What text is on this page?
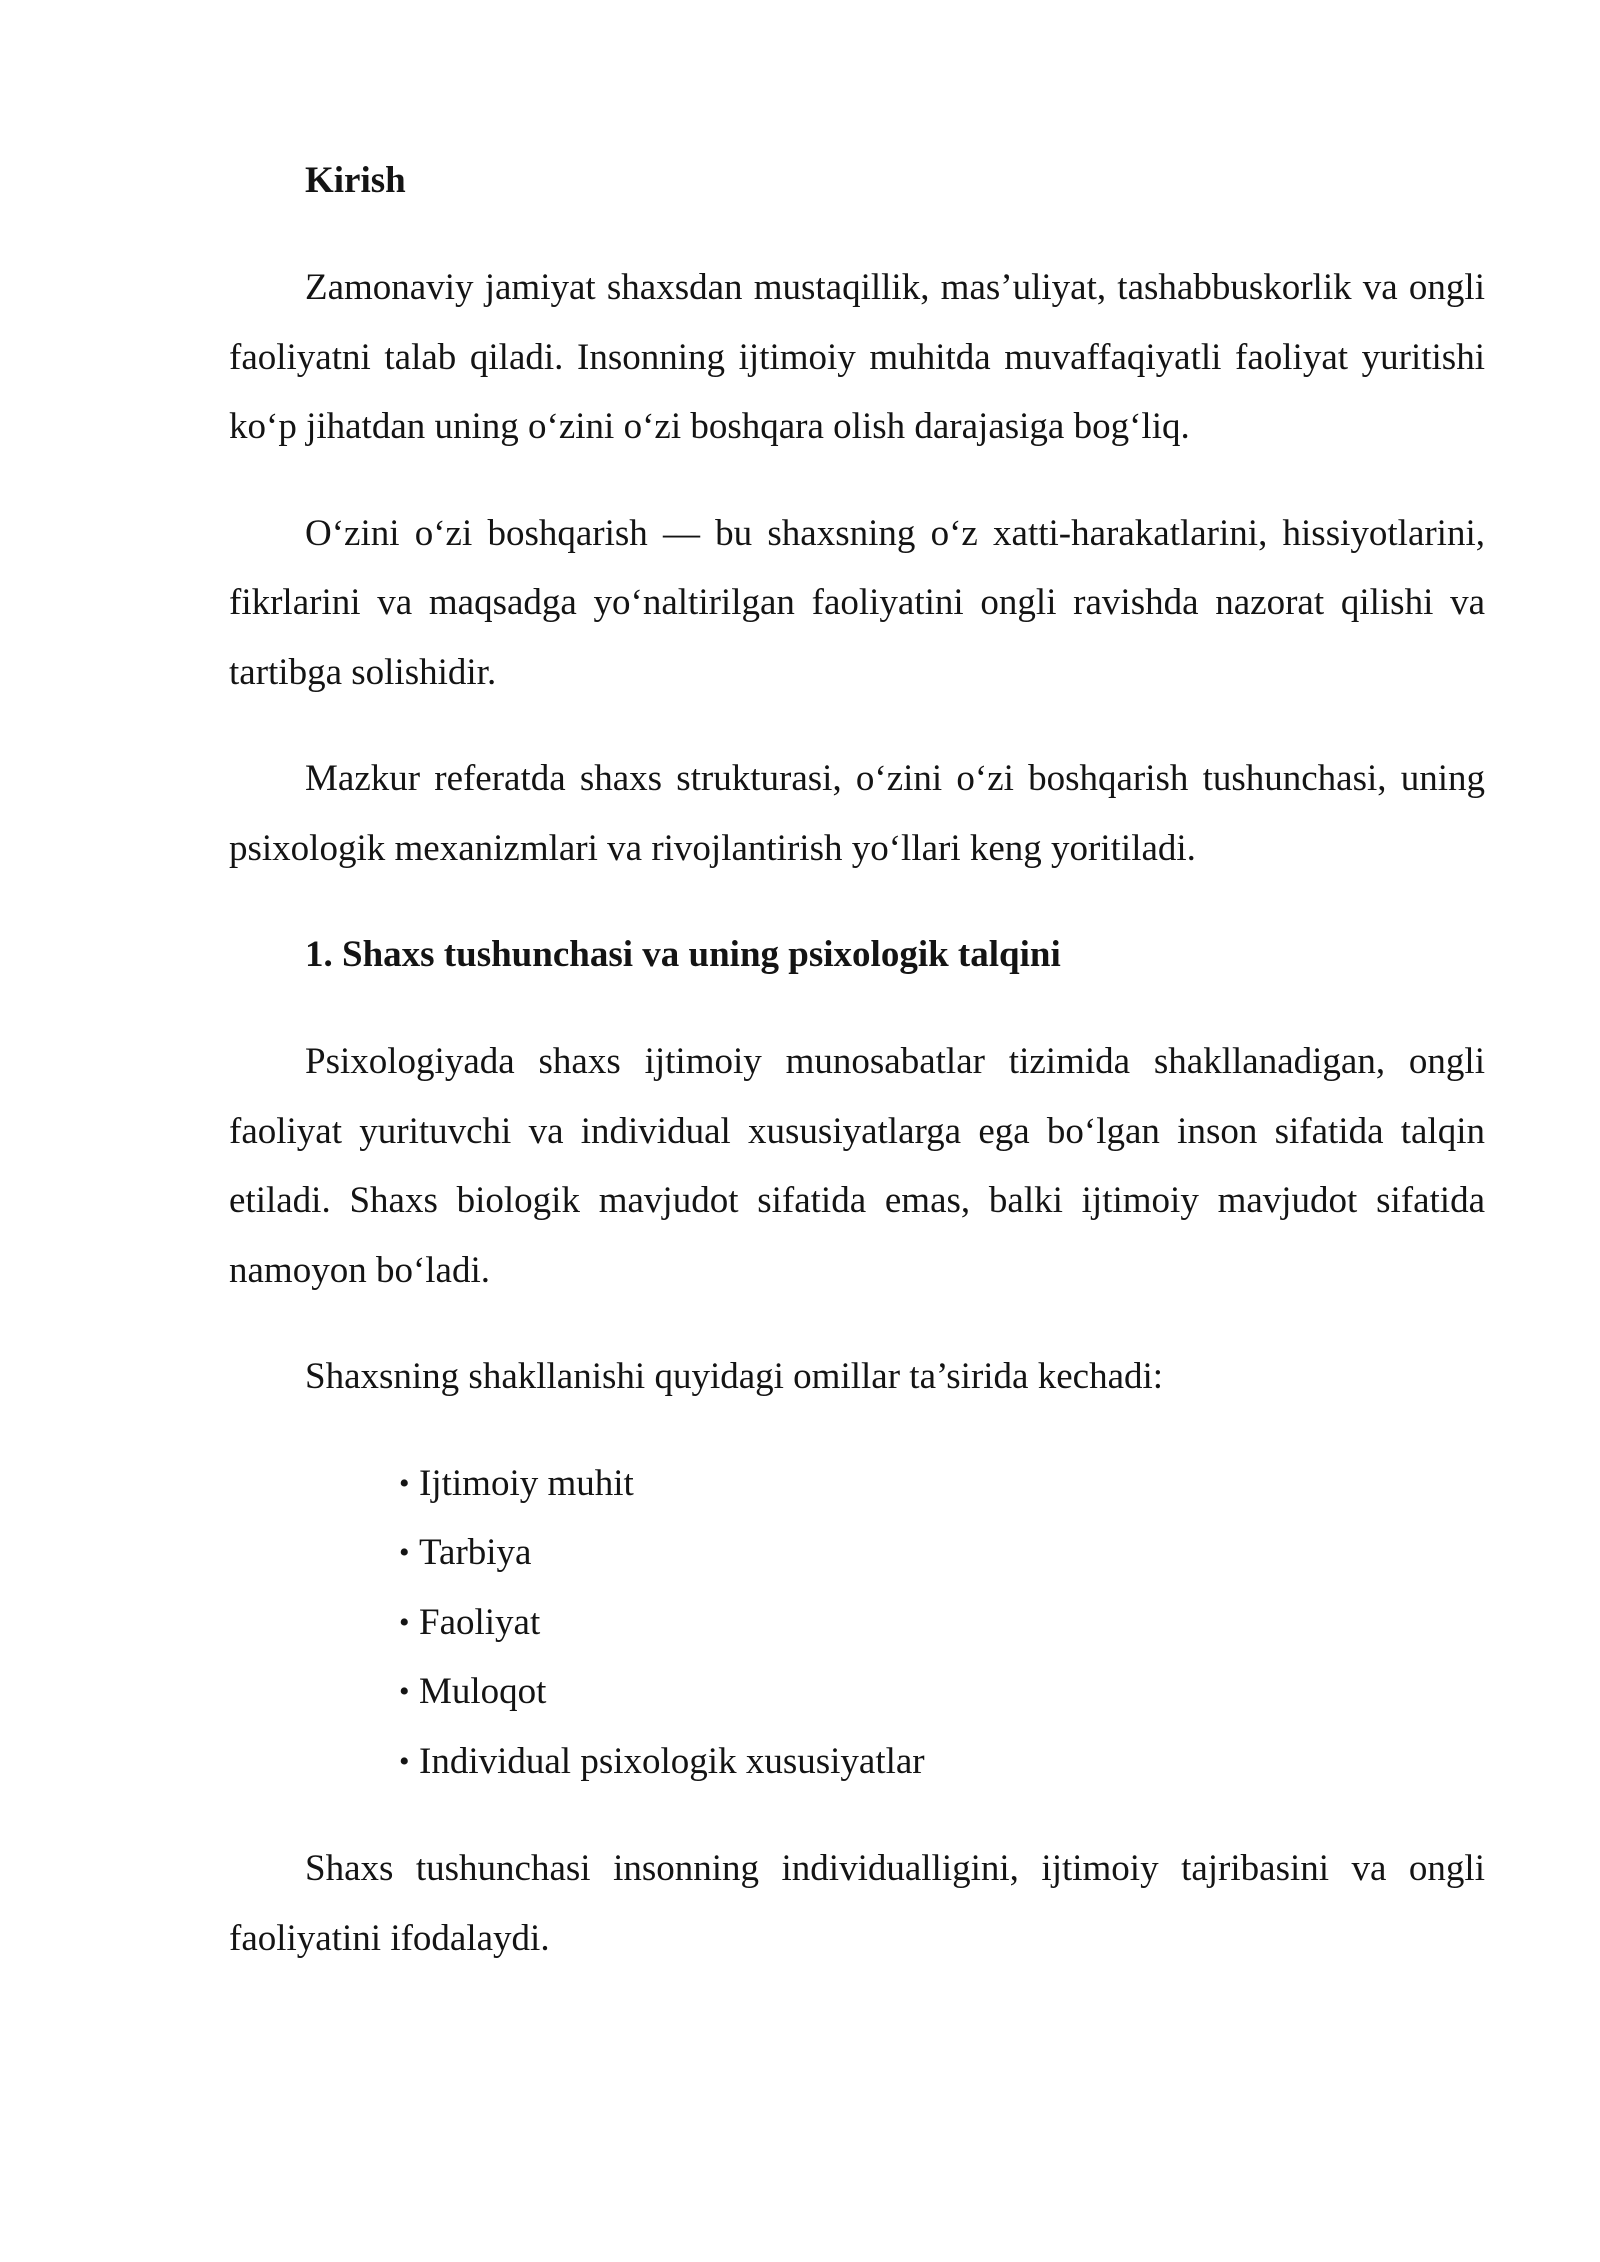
Kirish

Zamonaviy jamiyat shaxsdan mustaqillik, mas’uliyat, tashabbuskorlik va ongli faoliyatni talab qiladi. Insonning ijtimoiy muhitda muvaffaqiyatli faoliyat yuritishi ko‘p jihatdan uning o‘zini o‘zi boshqara olish darajasiga bog‘liq.

O‘zini o‘zi boshqarish — bu shaxsning o‘z xatti-harakatlarini, hissiyotlarini, fikrlarini va maqsadga yo‘naltirilgan faoliyatini ongli ravishda nazorat qilishi va tartibga solishidir.

Mazkur referatda shaxs strukturasi, o‘zini o‘zi boshqarish tushunchasi, uning psixologik mexanizmlari va rivojlantirish yo‘llari keng yoritiladi.

1. Shaxs tushunchasi va uning psixologik talqini

Psixologiyada shaxs ijtimoiy munosabatlar tizimida shakllanadigan, ongli faoliyat yurituvchi va individual xususiyatlarga ega bo‘lgan inson sifatida talqin etiladi. Shaxs biologik mavjudot sifatida emas, balki ijtimoiy mavjudot sifatida namoyon bo‘ladi.

Shaxsning shakllanishi quyidagi omillar ta’sirida kechadi:

• Ijtimoiy muhit
• Tarbiya
• Faoliyat
• Muloqot
• Individual psixologik xususiyatlar

Shaxs tushunchasi insonning individualligini, ijtimoiy tajribasini va ongli faoliyatini ifodalaydi.
